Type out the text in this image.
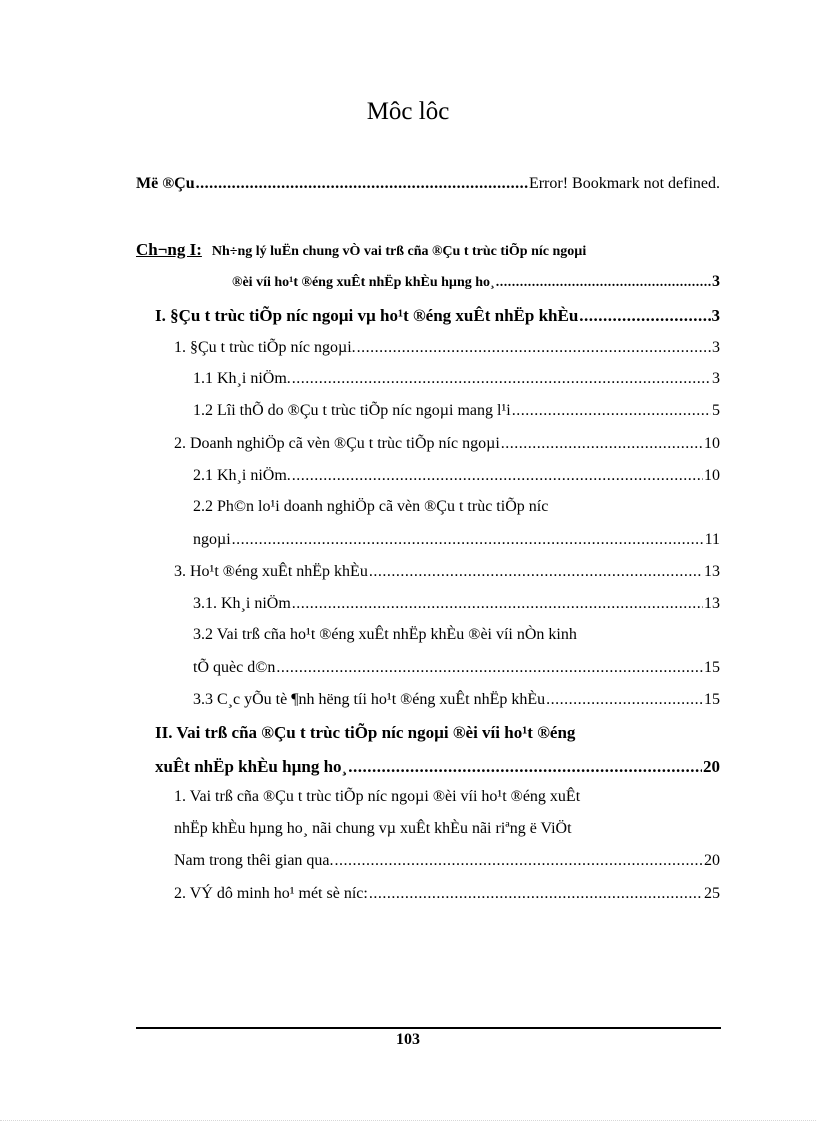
Môc lôc
Më ®Çu .....	Error! Bookmark not defined.
Ch¬ng I: Nh÷ng lý luËn chung vÒ vai trß cña ®Çu t trùc tiÕp níc ngoµi
®èi víi ho¹t ®éng xuÊt nhËp khÈu hµng ho¸ .....	3
I. §Çu t trùc tiÕp níc ngoµi vµ ho¹t ®éng xuÊt nhËp khÈu .....	3
1. §Çu t trùc tiÕp níc ngoµi. .....	3
1.1 Kh¸i niÖm. .....	3
1.2 Lîi thÕ do ®Çu t trùc tiÕp níc ngoµi mang l¹i .....	5
2. Doanh nghiÖp cã vèn ®Çu t trùc tiÕp níc ngoµi .....	10
2.1 Kh¸i niÖm. .....	10
2.2 Ph©n lo¹i doanh nghiÖp cã vèn ®Çu t trùc tiÕp níc
ngoµi .....	11
3. Ho¹t ®éng xuÊt nhËp khÈu .....	13
3.1. Kh¸i niÖm .....	13
3.2 Vai trß cña ho¹t ®éng xuÊt nhËp khÈu ®èi víi nÒn kinh
tÕ quèc d©n .....	15
3.3 C¸c yÕu tè ¶nh hëng tíi ho¹t ®éng xuÊt nhËp khÈu .....	15
II. Vai trß cña ®Çu t trùc tiÕp níc ngoµi ®èi víi ho¹t ®éng
xuÊt nhËp khÈu hµng ho¸ .....	20
1. Vai trß cña ®Çu t trùc tiÕp níc ngoµi ®èi víi ho¹t ®éng xuÊt
nhËp khÈu hµng ho¸ nãi chung vµ xuÊt khÈu nãi riªng ë ViÖt
Nam trong thêi gian qua. .....	20
2. VÝ dô minh ho¹ mét sè níc: .....	25
103
